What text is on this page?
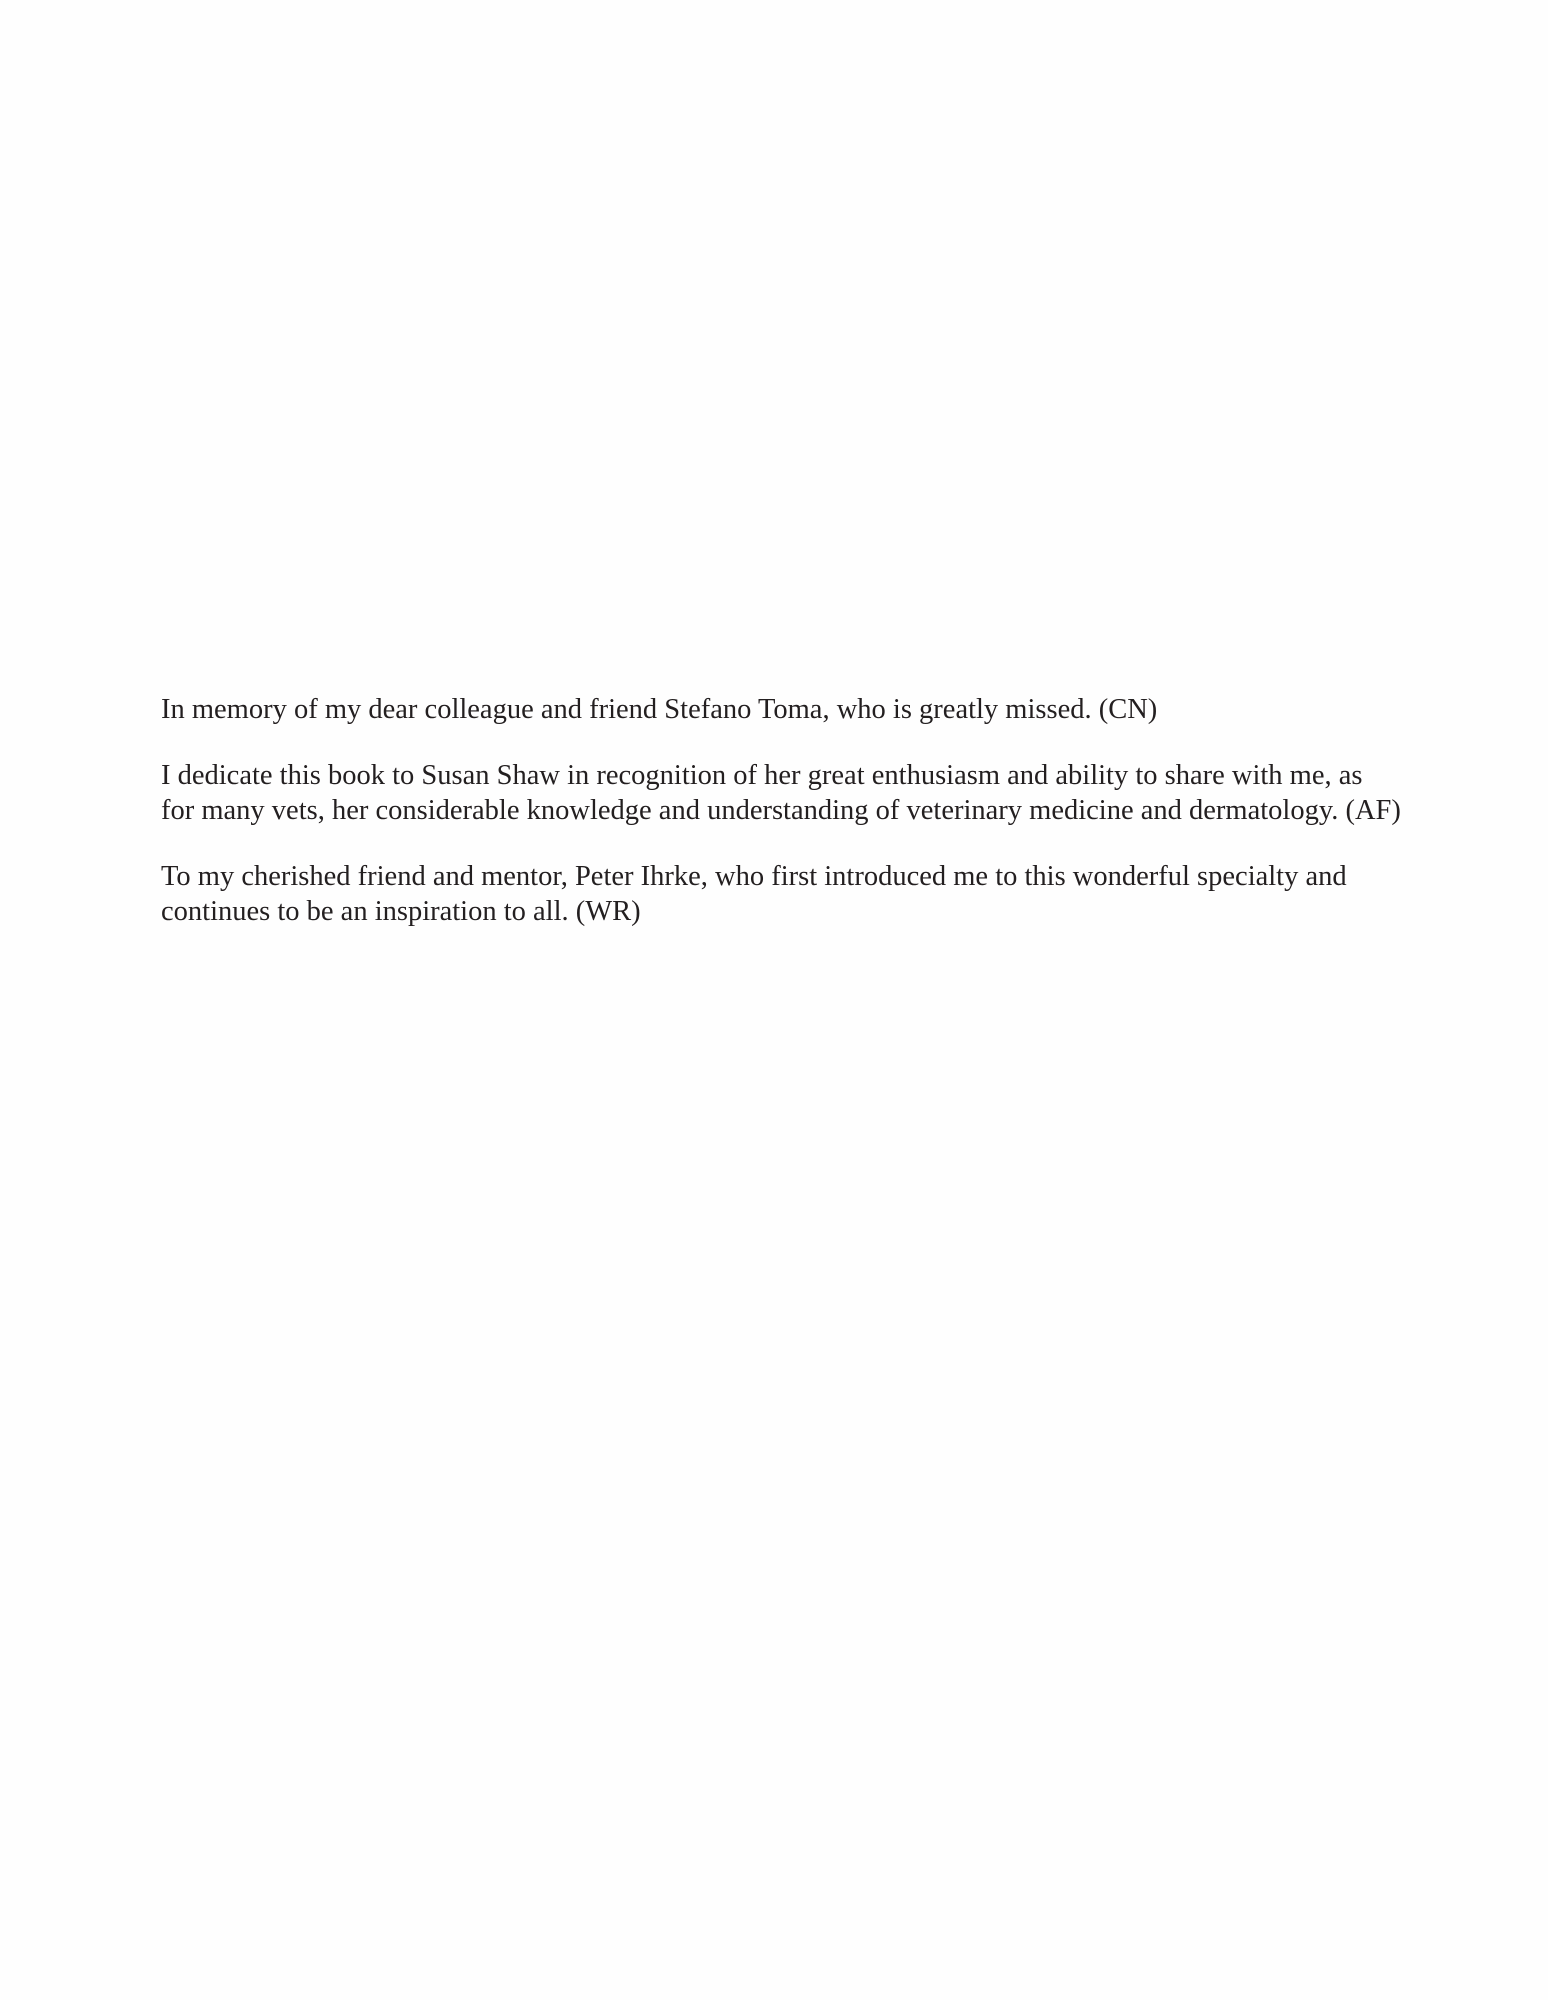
In memory of my dear colleague and friend Stefano Toma, who is greatly missed. (CN)

I dedicate this book to Susan Shaw in recognition of her great enthusiasm and ability to share with me, as for many vets, her considerable knowledge and understanding of veterinary medicine and dermatology. (AF)

To my cherished friend and mentor, Peter Ihrke, who first introduced me to this wonderful specialty and continues to be an inspiration to all. (WR)
